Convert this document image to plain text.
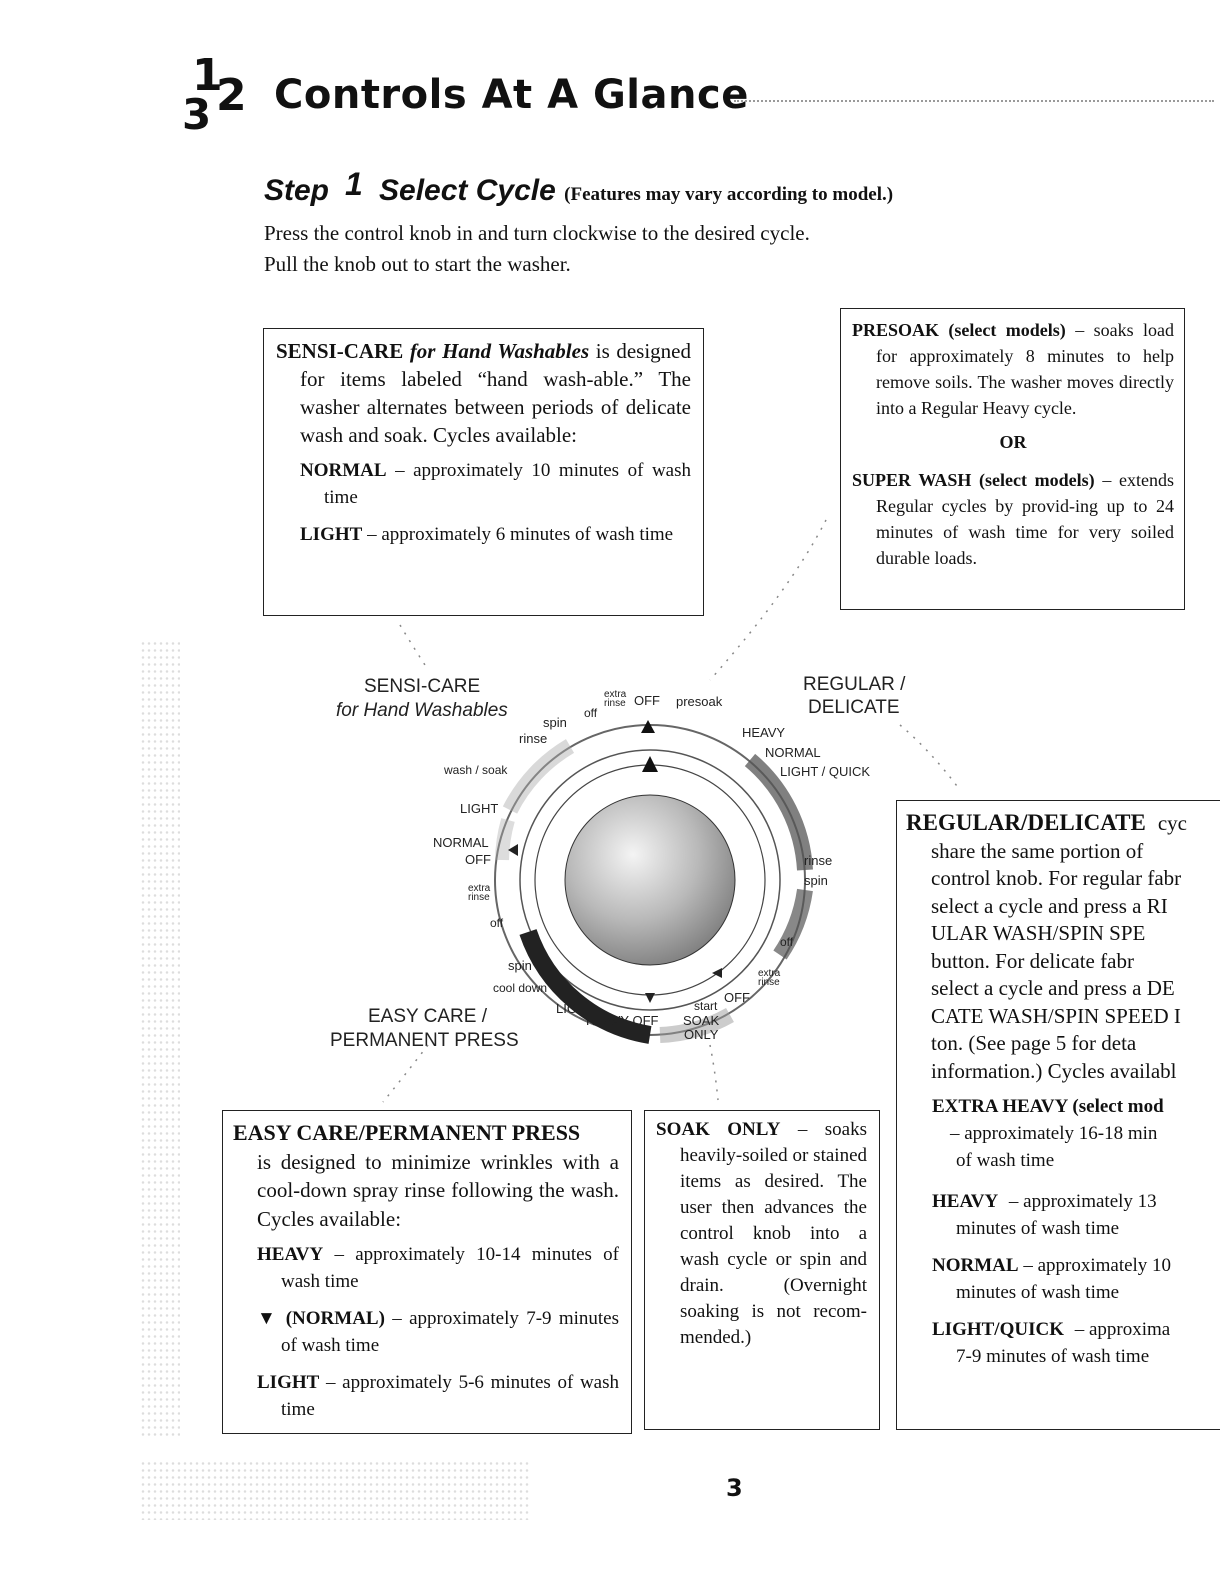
1
2
3 Controls At A Glance
Step 1 Select Cycle (Features may vary according to model.)
Press the control knob in and turn clockwise to the desired cycle.
Pull the knob out to start the washer.

SENSI-CARE for Hand Washables is designed for items labeled “hand wash-able.” The washer alternates between periods of delicate wash and soak. Cycles available:

NORMAL – approximately 10 minutes of wash time

LIGHT – approximately 6 minutes of wash time

PRESOAK (select models) – soaks load for approximately 8 minutes to help remove soils. The washer moves directly into a Regular Heavy cycle.

OR

SUPER WASH (select models) – extends Regular cycles by provid-ing up to 24 minutes of wash time for very soiled durable loads.

REGULAR/DELICATE cyc
share the same portion of
control knob. For regular fabr
select a cycle and press a RI
ULAR WASH/SPIN SPE
button. For delicate fabr
select a cycle and press a DE
CATE WASH/SPIN SPEED I
ton. (See page 5 for deta
information.) Cycles availabl
EXTRA HEAVY (select mod
– approximately 16-18 min
of wash time
HEAVY – approximately 13
minutes of wash time
NORMAL – approximately 10
minutes of wash time
LIGHT/QUICK – approxima
7-9 minutes of wash time

EASY CARE/PERMANENT PRESS

is designed to minimize wrinkles with a cool-down spray rinse following the wash. Cycles available:

HEAVY – approximately 10-14 minutes of wash time

▼ (NORMAL) – approximately 7-9 minutes of wash time

LIGHT – approximately 5-6 minutes of wash time

SOAK ONLY – soaks heavily-soiled or stained items as desired. The user then advances the control knob into a wash cycle or spin and drain. (Overnight soaking is not recom-mended.)

SENSI-CARE
for Hand Washables
REGULAR /
DELICATE
EASY CARE /
PERMANENT PRESS
off
extra
rinse OFF presoak
HEAVY
NORMAL
LIGHT / QUICK
rinse
spin
off
extra
rinse
OFF
start
SOAK
ONLY
HEAVY OFF
LIGHT
cool down
spin
off
extra
rinse
NORMAL
OFF
LIGHT
wash / soak
rinse
spin
3
